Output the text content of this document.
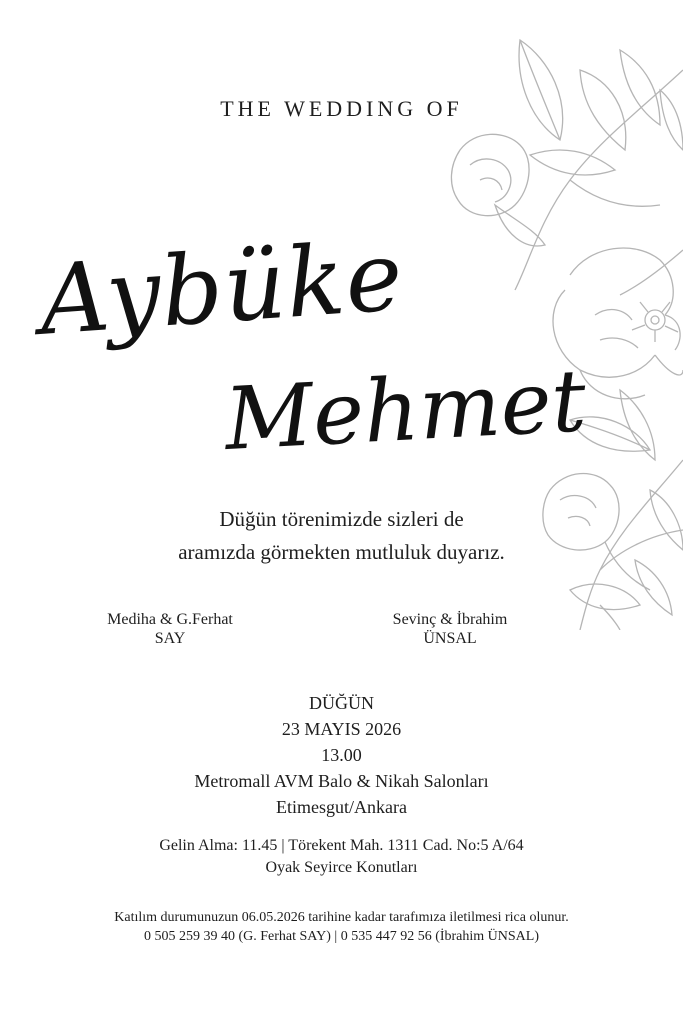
THE WEDDING OF
Aybüke
Mehmet
Düğün törenimizde sizleri de
aramızda görmekten mutluluk duyarız.
Mediha & G.Ferhat
SAY
Sevinç & İbrahim
ÜNSAL
DÜĞÜN
23 MAYIS 2026
13.00
Metromall AVM Balo & Nikah Salonları
Etimesgut/Ankara
Gelin Alma: 11.45 | Törekent Mah. 1311 Cad. No:5 A/64
Oyak Seyirce Konutları
Katılım durumunuzun 06.05.2026 tarihine kadar tarafımıza iletilmesi rica olunur.
0 505 259 39 40 (G. Ferhat SAY) | 0 535 447 92 56 (İbrahim ÜNSAL)
